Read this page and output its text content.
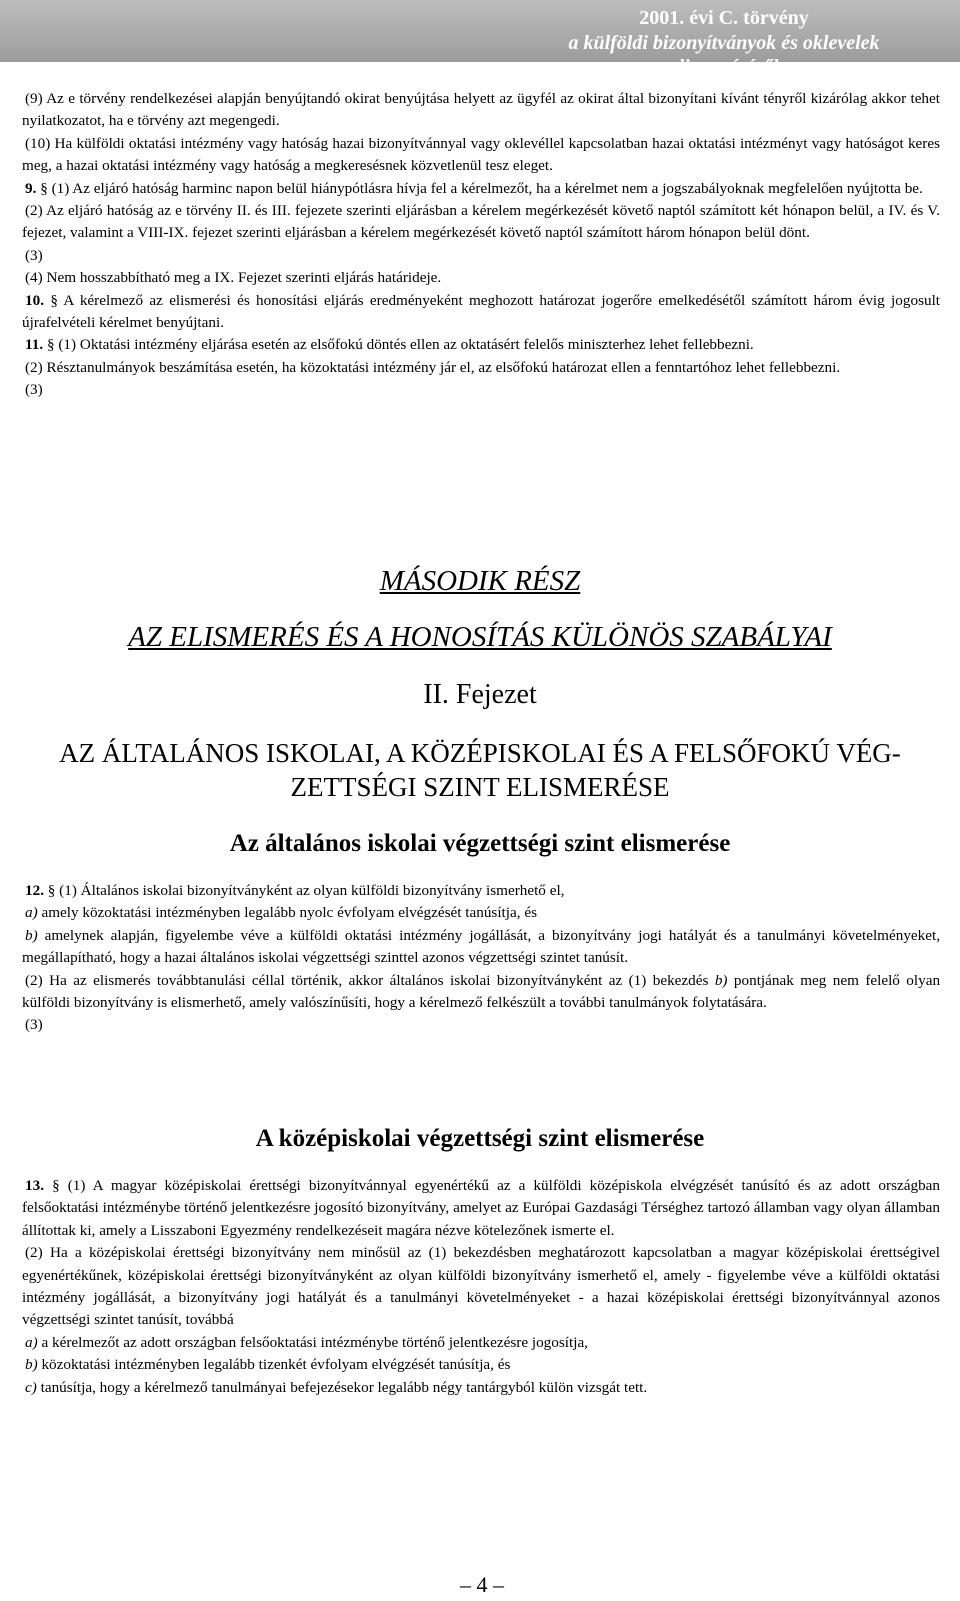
2001. évi C. törvény
a külföldi bizonyítványok és oklevelek elismeréséről

(9) Az e törvény rendelkezései alapján benyújtandó okirat benyújtása helyett az ügyfél az okirat által bizonyítani kívánt tényről kizárólag akkor tehet nyilatkozatot, ha e törvény azt megengedi.

(10) Ha külföldi oktatási intézmény vagy hatóság hazai bizonyítvánnyal vagy oklevéllel kapcsolatban hazai oktatási intézményt vagy hatóságot keres meg, a hazai oktatási intézmény vagy hatóság a megkeresésnek közvetlenül tesz eleget.

9. § (1) Az eljáró hatóság harminc napon belül hiánypótlásra hívja fel a kérelmezőt, ha a kérelmet nem a jogszabályoknak megfelelően nyújtotta be.

(2) Az eljáró hatóság az e törvény II. és III. fejezete szerinti eljárásban a kérelem megérkezését követő naptól számított két hónapon belül, a IV. és V. fejezet, valamint a VIII-IX. fejezet szerinti eljárásban a kérelem megérkezését követő naptól számított három hónapon belül dönt.

(3)

(4) Nem hosszabbítható meg a IX. Fejezet szerinti eljárás határideje.

10. § A kérelmező az elismerési és honosítási eljárás eredményeként meghozott határozat jogerőre emelkedésétől számított három évig jogosult újrafelvételi kérelmet benyújtani.

11. § (1) Oktatási intézmény eljárása esetén az elsőfokú döntés ellen az oktatásért felelős miniszterhez lehet fellebbezni.

(2) Résztanulmányok beszámítása esetén, ha közoktatási intézmény jár el, az elsőfokú határozat ellen a fenntartóhoz lehet fellebbezni.

(3)

MÁSODIK RÉSZ
AZ ELISMERÉS ÉS A HONOSÍTÁS KÜLÖNÖS SZABÁLYAI
II. Fejezet
AZ ÁLTALÁNOS ISKOLAI, A KÖZÉPISKOLAI ÉS A FELSŐFOKÚ VÉG-
ZETTSÉGI SZINT ELISMERÉSE
Az általános iskolai végzettségi szint elismerése

12. § (1) Általános iskolai bizonyítványként az olyan külföldi bizonyítvány ismerhető el,

a) amely közoktatási intézményben legalább nyolc évfolyam elvégzését tanúsítja, és

b) amelynek alapján, figyelembe véve a külföldi oktatási intézmény jogállását, a bizonyítvány jogi hatályát és a tanulmányi követelményeket, megállapítható, hogy a hazai általános iskolai végzettségi szinttel azonos végzettségi szintet tanúsít.

(2) Ha az elismerés továbbtanulási céllal történik, akkor általános iskolai bizonyítványként az (1) bekezdés b) pontjának meg nem felelő olyan külföldi bizonyítvány is elismerhető, amely valószínűsíti, hogy a kérelmező felkészült a további tanulmányok folytatására.

(3)

A középiskolai végzettségi szint elismerése

13. § (1) A magyar középiskolai érettségi bizonyítvánnyal egyenértékű az a külföldi középiskola elvégzését tanúsító és az adott országban felsőoktatási intézménybe történő jelentkezésre jogosító bizonyítvány, amelyet az Európai Gazdasági Térséghez tartozó államban vagy olyan államban állítottak ki, amely a Lisszaboni Egyezmény rendelkezéseit magára nézve kötelezőnek ismerte el.

(2) Ha a középiskolai érettségi bizonyítvány nem minősül az (1) bekezdésben meghatározott kapcsolatban a magyar középiskolai érettségivel egyenértékűnek, középiskolai érettségi bizonyítványként az olyan külföldi bizonyítvány ismerhető el, amely - figyelembe véve a külföldi oktatási intézmény jogállását, a bizonyítvány jogi hatályát és a tanulmányi követelményeket - a hazai középiskolai érettségi bizonyítvánnyal azonos végzettségi szintet tanúsít, továbbá

a) a kérelmezőt az adott országban felsőoktatási intézménybe történő jelentkezésre jogosítja,

b) közoktatási intézményben legalább tizenkét évfolyam elvégzését tanúsítja, és

c) tanúsítja, hogy a kérelmező tanulmányai befejezésekor legalább négy tantárgyból külön vizsgát tett.

– 4 –
